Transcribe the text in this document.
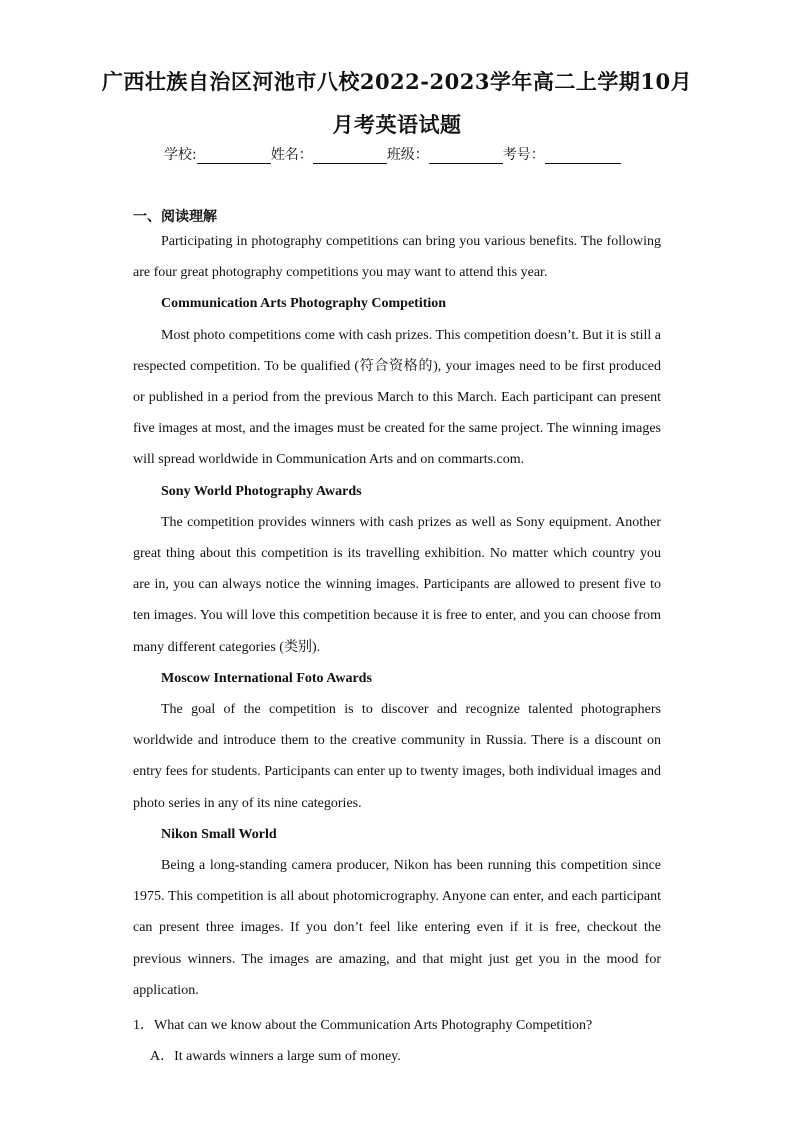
广西壮族自治区河池市八校2022-2023学年高二上学期10月
月考英语试题
学校:	姓名：	班级：	考号：
一、阅读理解

Participating in photography competitions can bring you various benefits. The following are four great photography competitions you may want to attend this year.

Communication Arts Photography Competition

Most photo competitions come with cash prizes. This competition doesn’t. But it is still a respected competition. To be qualified (符合资格的), your images need to be first produced or published in a period from the previous March to this March. Each participant can present five images at most, and the images must be created for the same project. The winning images will spread worldwide in Communication Arts and on commarts.com.

Sony World Photography Awards

The competition provides winners with cash prizes as well as Sony equipment. Another great thing about this competition is its travelling exhibition. No matter which country you are in, you can always notice the winning images. Participants are allowed to present five to ten images. You will love this competition because it is free to enter, and you can choose from many different categories (类别).

Moscow International Foto Awards

The goal of the competition is to discover and recognize talented photographers worldwide and introduce them to the creative community in Russia. There is a discount on entry fees for students. Participants can enter up to twenty images, both individual images and photo series in any of its nine categories.

Nikon Small World

Being a long-standing camera producer, Nikon has been running this competition since 1975. This competition is all about photomicrography. Anyone can enter, and each participant can present three images. If you don’t feel like entering even if it is free, checkout the previous winners. The images are amazing, and that might just get you in the mood for application.

1．What can we know about the Communication Arts Photography Competition?
A．It awards winners a large sum of money.
